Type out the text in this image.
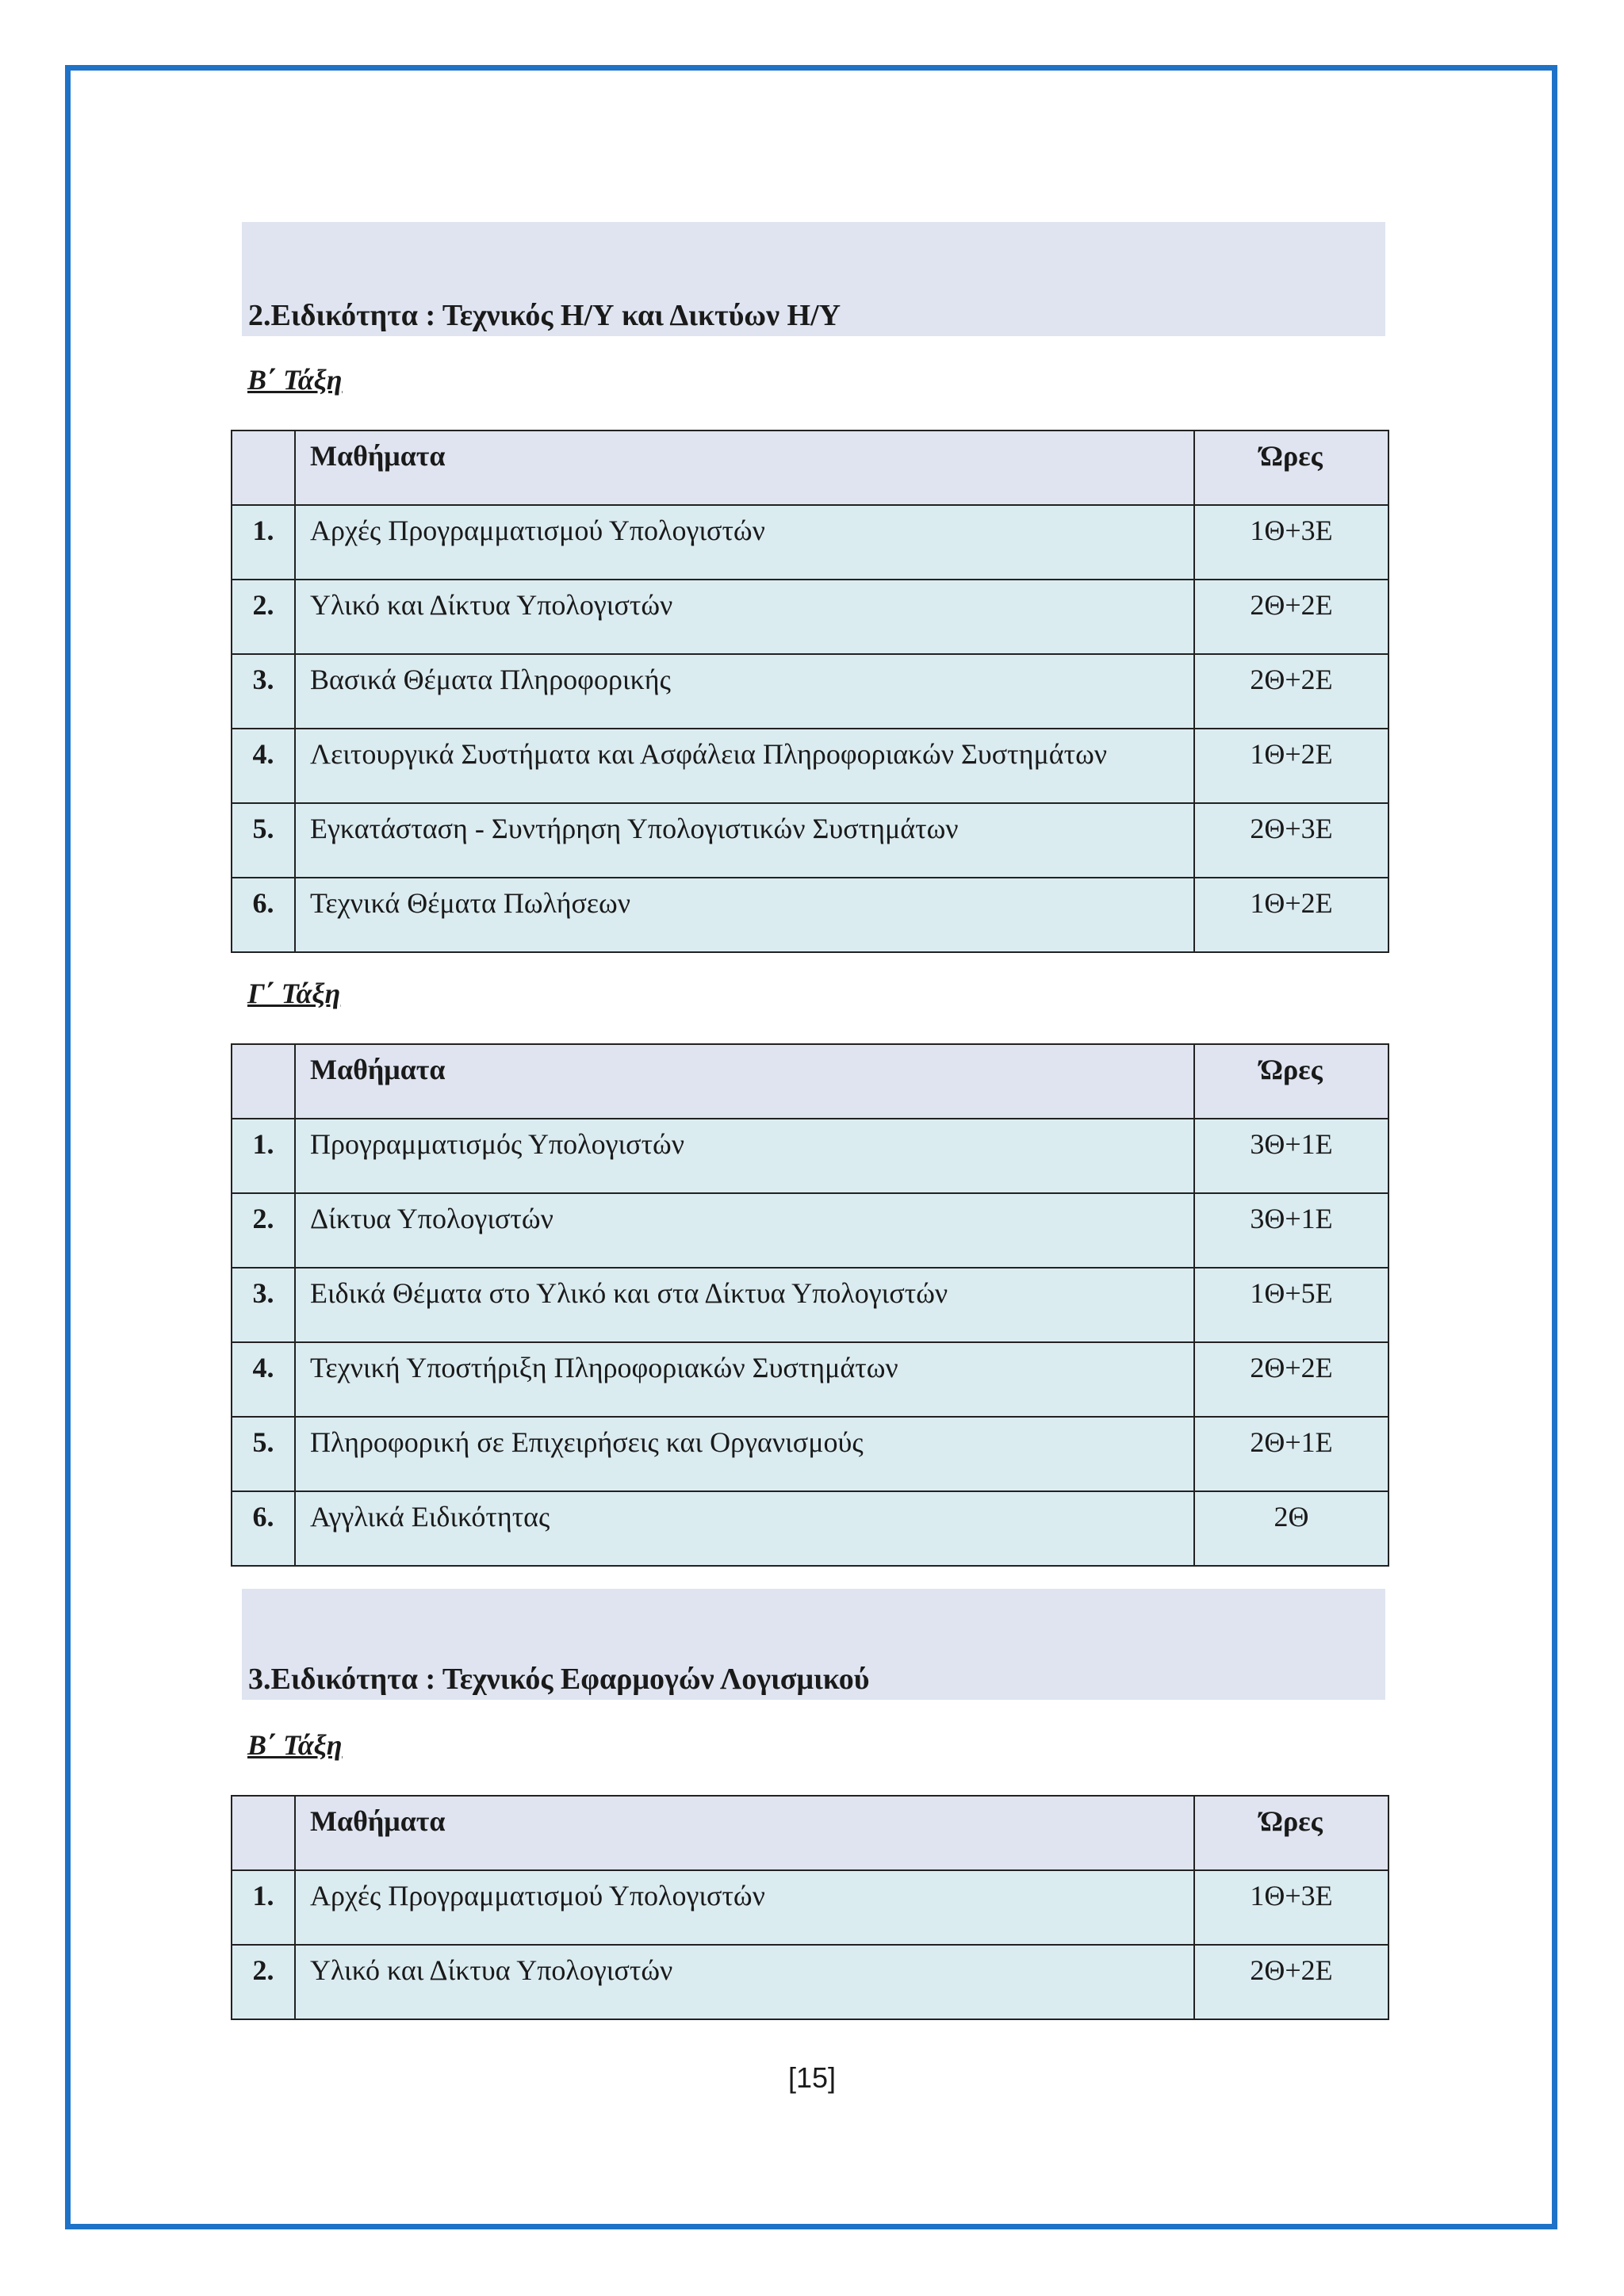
2.Ειδικότητα : Τεχνικός Η/Υ και Δικτύων Η/Υ
Β΄ Τάξη
	Μαθήματα	Ώρες
1.	Αρχές Προγραμματισμού Υπολογιστών	1Θ+3Ε
2.	Υλικό και Δίκτυα Υπολογιστών	2Θ+2Ε
3.	Βασικά Θέματα Πληροφορικής	2Θ+2Ε
4.	Λειτουργικά Συστήματα και Ασφάλεια Πληροφοριακών Συστημάτων	1Θ+2Ε
5.	Εγκατάσταση - Συντήρηση Υπολογιστικών Συστημάτων	2Θ+3Ε
6.	Τεχνικά Θέματα Πωλήσεων	1Θ+2Ε
Γ΄ Τάξη
	Μαθήματα	Ώρες
1.	Προγραμματισμός Υπολογιστών	3Θ+1Ε
2.	Δίκτυα Υπολογιστών	3Θ+1Ε
3.	Ειδικά Θέματα στο Υλικό και στα Δίκτυα Υπολογιστών	1Θ+5Ε
4.	Τεχνική Υποστήριξη Πληροφοριακών Συστημάτων	2Θ+2Ε
5.	Πληροφορική σε Επιχειρήσεις και Οργανισμούς	2Θ+1Ε
6.	Αγγλικά Ειδικότητας	2Θ
3.Ειδικότητα : Τεχνικός Εφαρμογών Λογισμικού
Β΄ Τάξη
	Μαθήματα	Ώρες
1.	Αρχές Προγραμματισμού Υπολογιστών	1Θ+3Ε
2.	Υλικό και Δίκτυα Υπολογιστών	2Θ+2Ε
[15]
